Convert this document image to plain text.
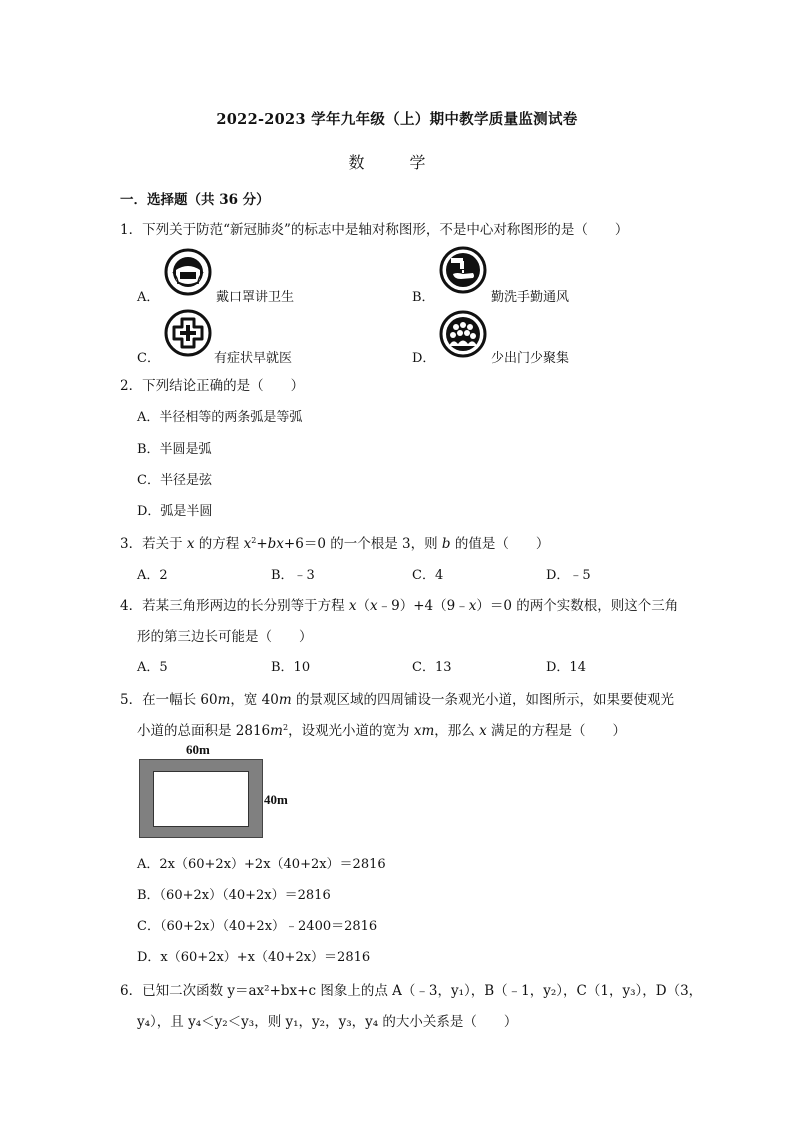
2022-2023 学年九年级（上）期中教学质量监测试卷
数 学
一．选择题（共 36 分）
1．下列关于防范“新冠肺炎”的标志中是轴对称图形，不是中心对称图形的是（　　）
A．	戴口罩讲卫生	B．	勤洗手勤通风
C．	有症状早就医	D．	少出门少聚集
2．下列结论正确的是（　　）
A．半径相等的两条弧是等弧
B．半圆是弧
C．半径是弦
D．弧是半圆
3．若关于 x 的方程 $x^2+bx+6=0$ 的一个根是 3，则 b 的值是（　　）
A．2	B．﹣3	C．4	D．﹣5
4．若某三角形两边的长分别等于方程 x（x﹣9）+4（9﹣x）＝0 的两个实数根，则这个三角
形的第三边长可能是（　　）
A．5	B．10	C．13	D．14
5．在一幅长 60m，宽 40m 的景观区域的四周铺设一条观光小道，如图所示，如果要使观光
小道的总面积是 $2816m^2$，设观光小道的宽为 xm，那么 x 满足的方程是（　　）
60m
40m
A．2x（60+2x）+2x（40+2x）＝2816
B．（60+2x）（40+2x）＝2816
C．（60+2x）（40+2x）﹣2400＝2816
D．x（60+2x）+x（40+2x）＝2816
6．已知二次函数 y＝ax²+bx+c 图象上的点 A（﹣3，y₁），B（﹣1，y₂），C（1，y₃），D（3，
y₄），且 y₄＜y₂＜y₃，则 y₁，y₂，y₃，y₄ 的大小关系是（　　）
